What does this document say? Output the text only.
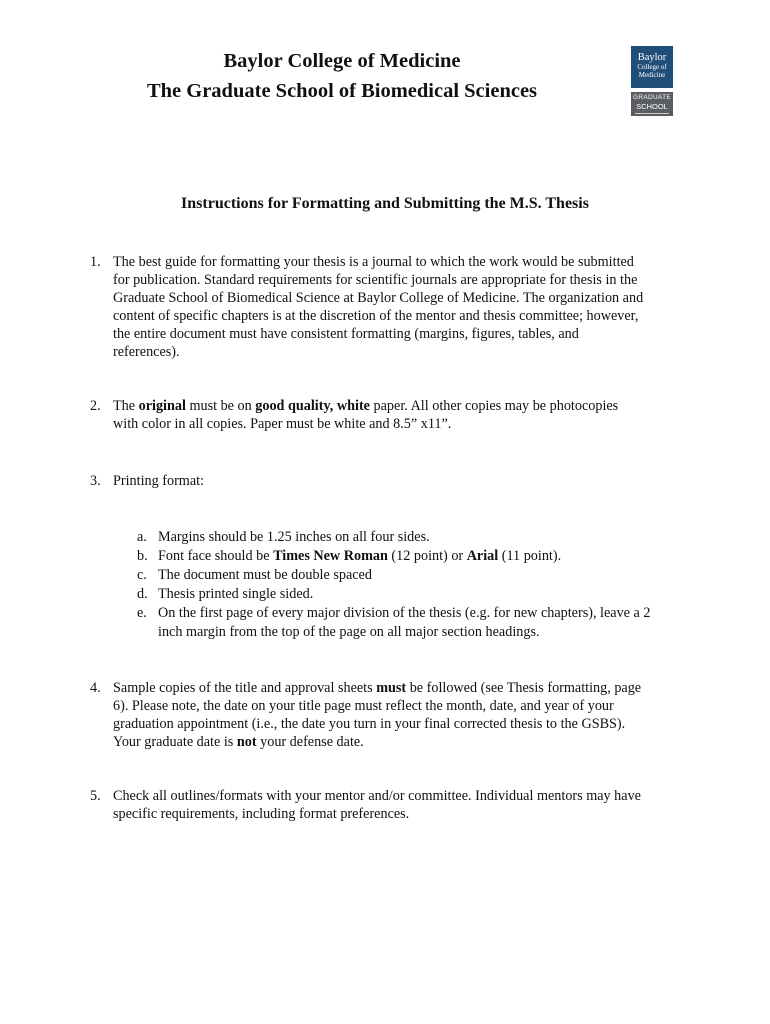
Baylor College of Medicine
The Graduate School of Biomedical Sciences
Baylor
College of
Medicine
GRADUATE
SCHOOL
Instructions for Formatting and Submitting the M.S. Thesis
1. The best guide for formatting your thesis is a journal to which the work would be submitted
for publication. Standard requirements for scientific journals are appropriate for thesis in the
Graduate School of Biomedical Science at Baylor College of Medicine. The organization and
content of specific chapters is at the discretion of the mentor and thesis committee; however,
the entire document must have consistent formatting (margins, figures, tables, and
references).
2. The original must be on good quality, white paper. All other copies may be photocopies
with color in all copies. Paper must be white and 8.5” x11”.
3. Printing format:
a. Margins should be 1.25 inches on all four sides.
b. Font face should be Times New Roman (12 point) or Arial (11 point).
c. The document must be double spaced
d. Thesis printed single sided.
e. On the first page of every major division of the thesis (e.g. for new chapters), leave a 2
inch margin from the top of the page on all major section headings.
4. Sample copies of the title and approval sheets must be followed (see Thesis formatting, page
6). Please note, the date on your title page must reflect the month, date, and year of your
graduation appointment (i.e., the date you turn in your final corrected thesis to the GSBS).
Your graduate date is not your defense date.
5. Check all outlines/formats with your mentor and/or committee. Individual mentors may have
specific requirements, including format preferences.
